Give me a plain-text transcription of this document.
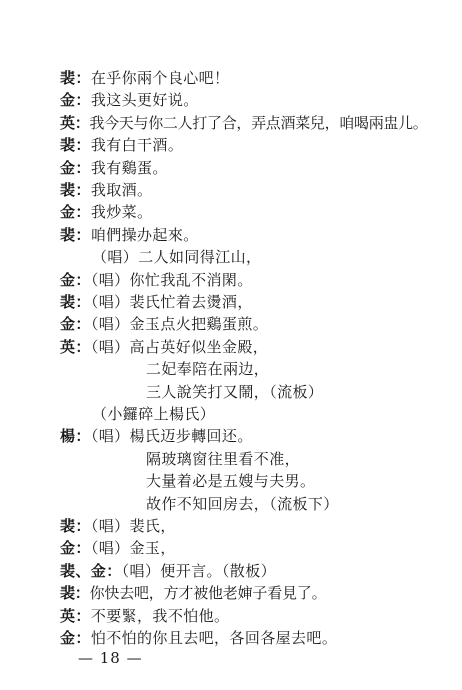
裴：在乎你兩个良心吧！
金：我这头更好说。
英：我今天与你二人打了合，弄点酒菜兒，咱喝兩盅儿。
裴：我有白干酒。
金：我有鷄蛋。
裴：我取酒。
金：我炒菜。
裴：咱們操办起來。
（唱）二人如同得江山，
金：（唱）你忙我乱不消閑。
裴：（唱）裴氏忙着去燙酒，
金：（唱）金玉点火把鷄蛋煎。
英：（唱）高占英好似坐金殿，
二妃奉陪在兩边，
三人說笑打又鬧，（流板）
（小鑼碎上楊氏）
楊：（唱）楊氏迈步轉回还。
隔玻璃窗往里看不准，
大量着必是五嫂与夫男。
故作不知回房去，（流板下）
裴：（唱）裴氏，
金：（唱）金玉，
裴、金：（唱）便开言。（散板）
裴：你快去吧，方才被他老婶子看見了。
— 18 —
英：不要緊，我不怕他。
金：怕不怕的你且去吧，各回各屋去吧。
